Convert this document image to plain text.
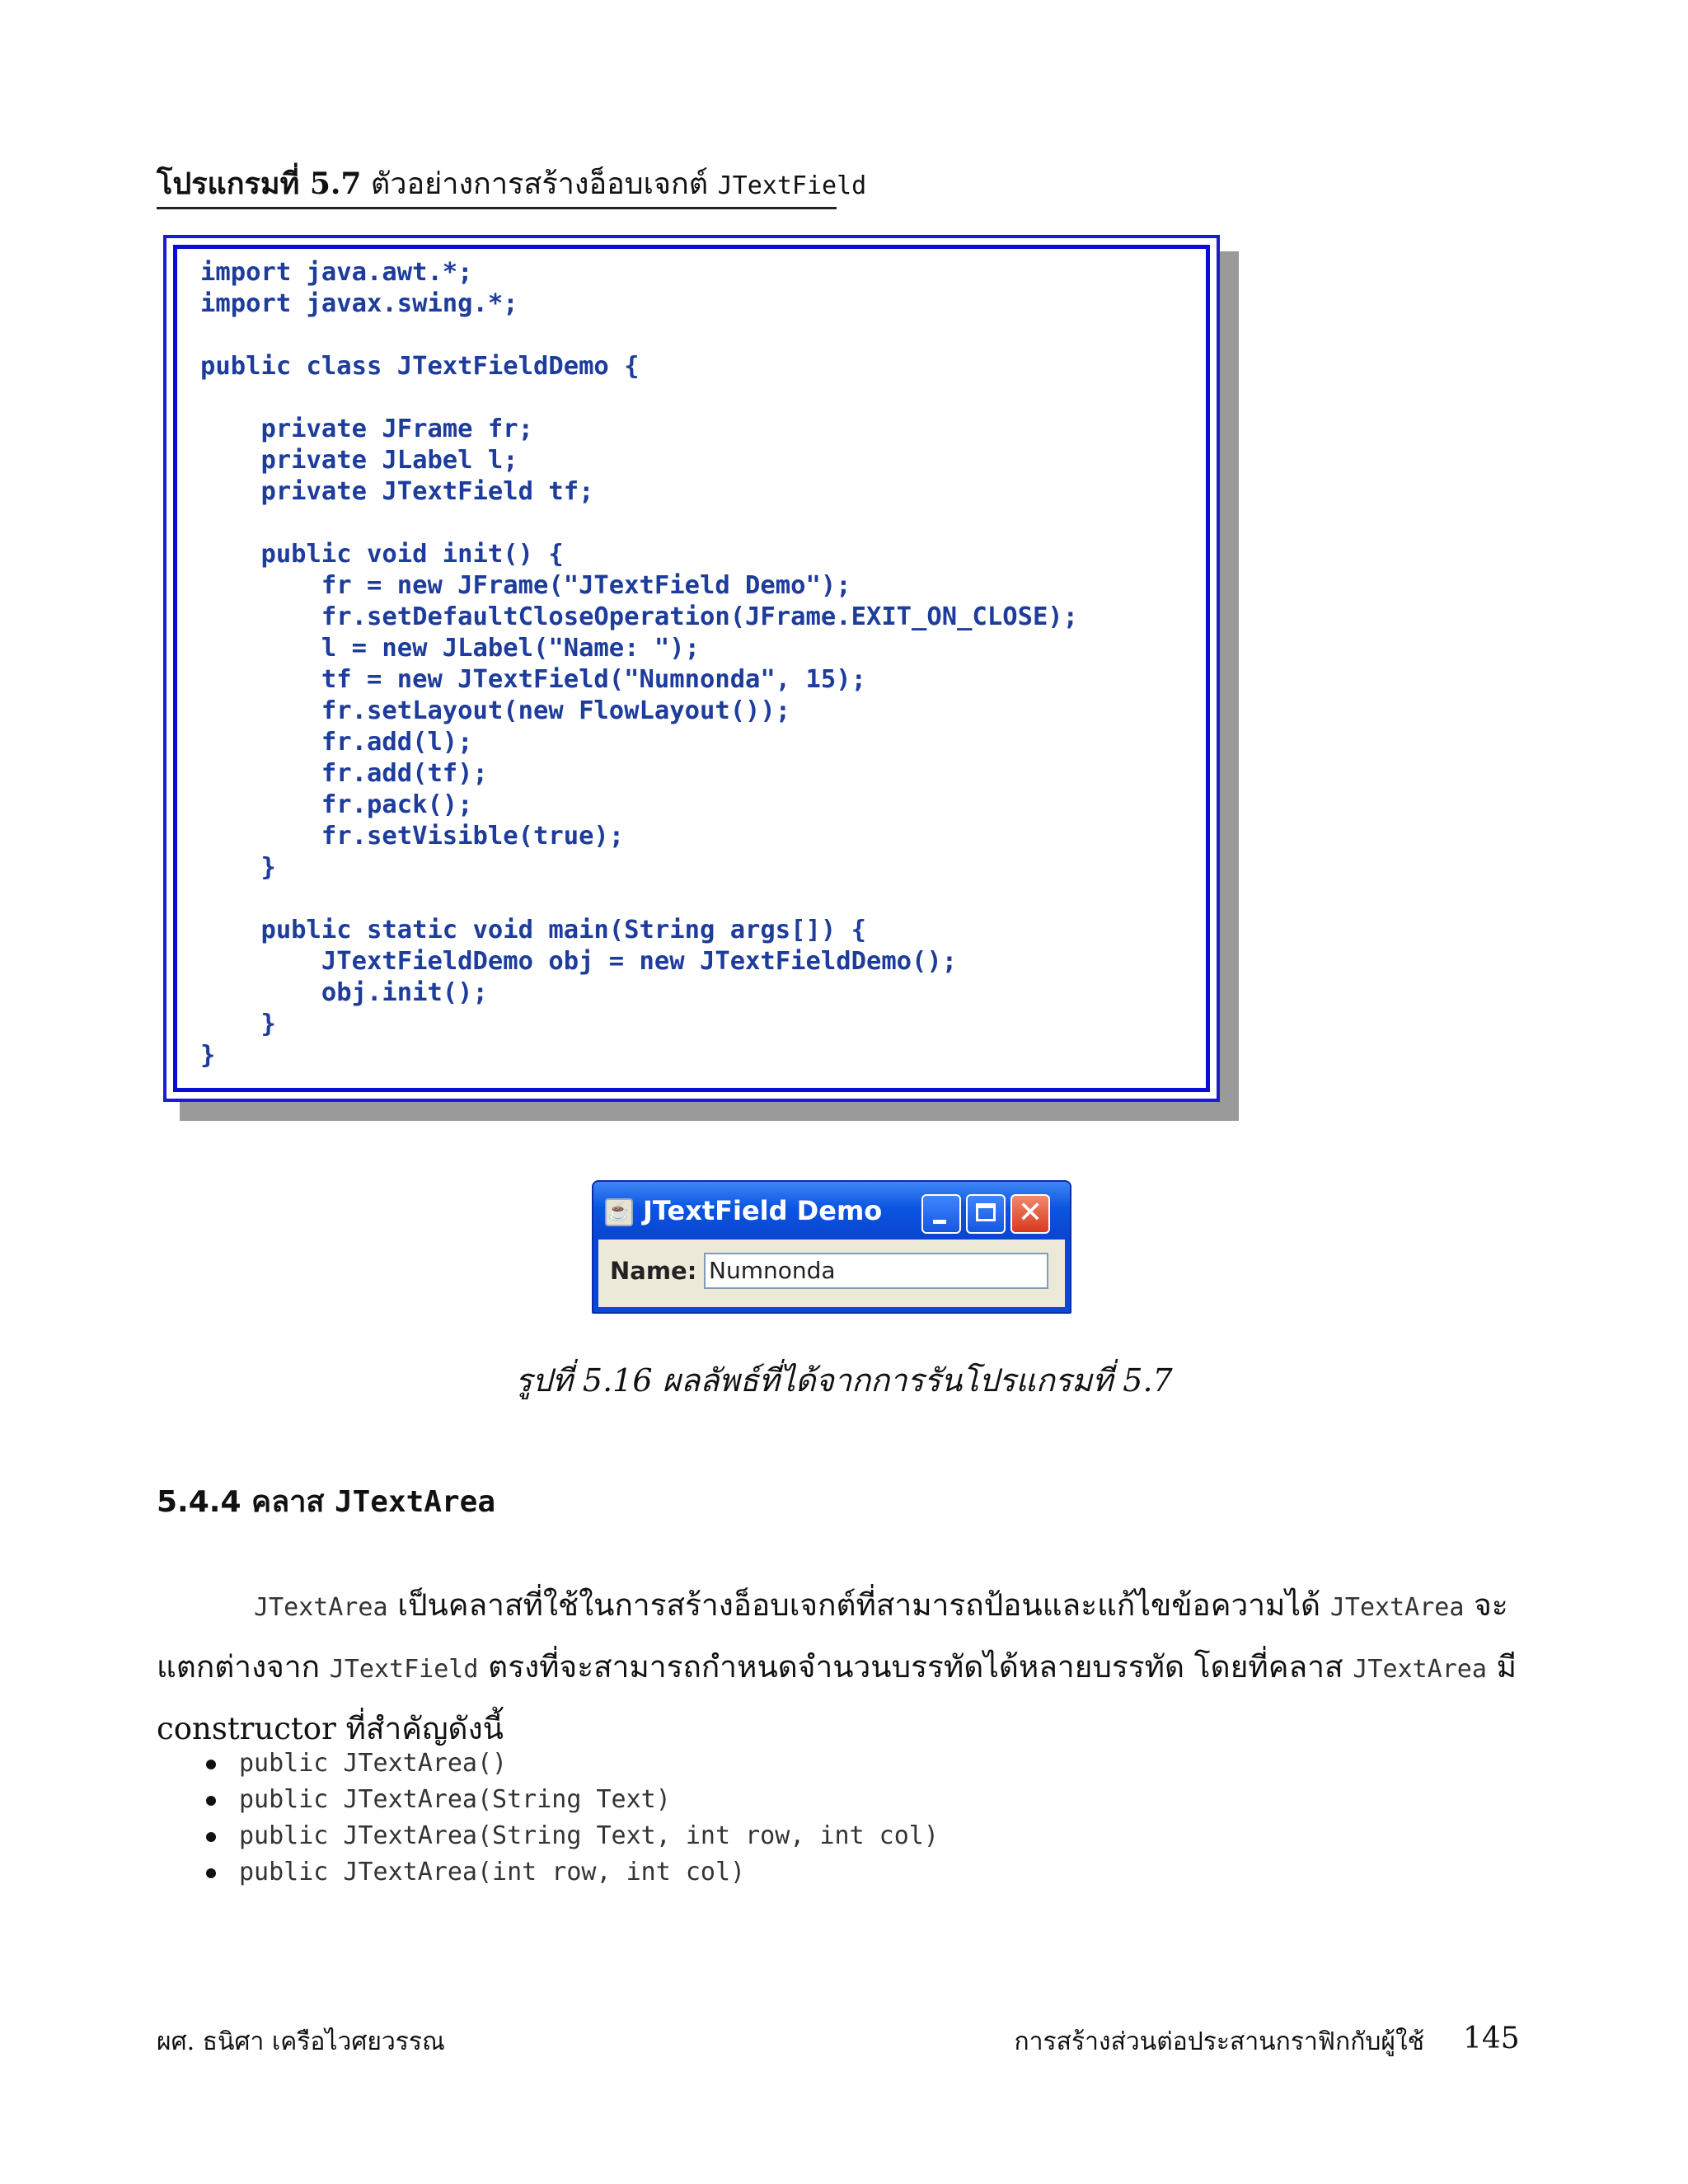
โปรแกรมที่ 5.7 ตัวอย่างการสร้างอ็อบเจกต์ JTextField
import java.awt.*;
import javax.swing.*;

public class JTextFieldDemo {

private JFrame fr;
private JLabel l;
private JTextField tf;

public void init() {
fr = new JFrame("JTextField Demo");
fr.setDefaultCloseOperation(JFrame.EXIT_ON_CLOSE);
l = new JLabel("Name: ");
tf = new JTextField("Numnonda", 15);
fr.setLayout(new FlowLayout());
fr.add(l);
fr.add(tf);
fr.pack();
fr.setVisible(true);
}

public static void main(String args[]) {
JTextFieldDemo obj = new JTextFieldDemo();
obj.init();
}
}
☕ JTextField Demo	✕
Name: Numnonda
รูปที่ 5.16 ผลลัพธ์ที่ได้จากการรันโปรแกรมที่ 5.7
5.4.4 คลาส JTextArea
JTextArea เป็นคลาสที่ใช้ในการสร้างอ็อบเจกต์ที่สามารถป้อนและแก้ไขข้อความได้ JTextArea จะแตกต่างจาก JTextField ตรงที่จะสามารถกำหนดจำนวนบรรทัดได้หลายบรรทัด โดยที่คลาส JTextArea มี constructor ที่สำคัญดังนี้
public JTextArea()
public JTextArea(String Text)
public JTextArea(String Text, int row, int col)
public JTextArea(int row, int col)
ผศ. ธนิศา เครือไวศยวรรณ	การสร้างส่วนต่อประสานกราฟิกกับผู้ใช้ 145
